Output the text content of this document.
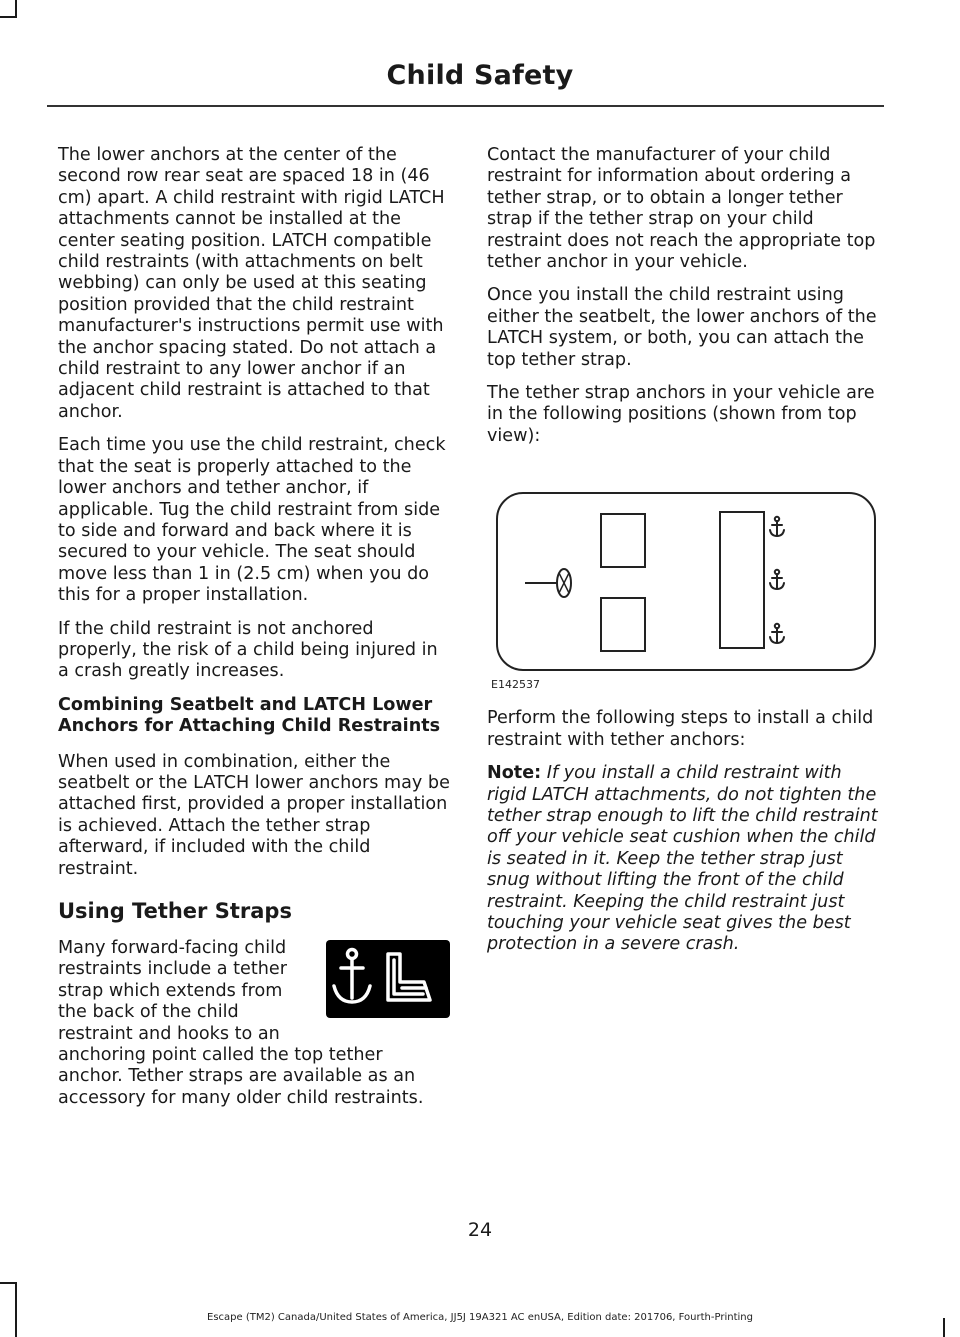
Child Safety

The lower anchors at the center of the second row rear seat are spaced 18 in (46 cm) apart. A child restraint with rigid LATCH attachments cannot be installed at the center seating position. LATCH compatible child restraints (with attachments on belt webbing) can only be used at this seating position provided that the child restraint manufacturer's instructions permit use with the anchor spacing stated. Do not attach a child restraint to any lower anchor if an adjacent child restraint is attached to that anchor.

Each time you use the child restraint, check that the seat is properly attached to the lower anchors and tether anchor, if applicable. Tug the child restraint from side to side and forward and back where it is secured to your vehicle. The seat should move less than 1 in (2.5 cm) when you do this for a proper installation.

If the child restraint is not anchored properly, the risk of a child being injured in a crash greatly increases.

Combining Seatbelt and LATCH Lower Anchors for Attaching Child Restraints

When used in combination, either the seatbelt or the LATCH lower anchors may be attached first, provided a proper installation is achieved. Attach the tether strap afterward, if included with the child restraint.

Using Tether Straps

Many forward-facing child restraints include a tether strap which extends from the back of the child restraint and hooks to an anchoring point called the top tether anchor. Tether straps are available as an accessory for many older child restraints.

Contact the manufacturer of your child restraint for information about ordering a tether strap, or to obtain a longer tether strap if the tether strap on your child restraint does not reach the appropriate top tether anchor in your vehicle.

Once you install the child restraint using either the seatbelt, the lower anchors of the LATCH system, or both, you can attach the top tether strap.

The tether strap anchors in your vehicle are in the following positions (shown from top view):

E142537

Perform the following steps to install a child restraint with tether anchors:

Note: If you install a child restraint with rigid LATCH attachments, do not tighten the tether strap enough to lift the child restraint off your vehicle seat cushion when the child is seated in it. Keep the tether strap just snug without lifting the front of the child restraint. Keeping the child restraint just touching your vehicle seat gives the best protection in a severe crash.

24
Escape (TM2) Canada/United States of America, JJ5J 19A321 AC enUSA, Edition date: 201706, Fourth-Printing
